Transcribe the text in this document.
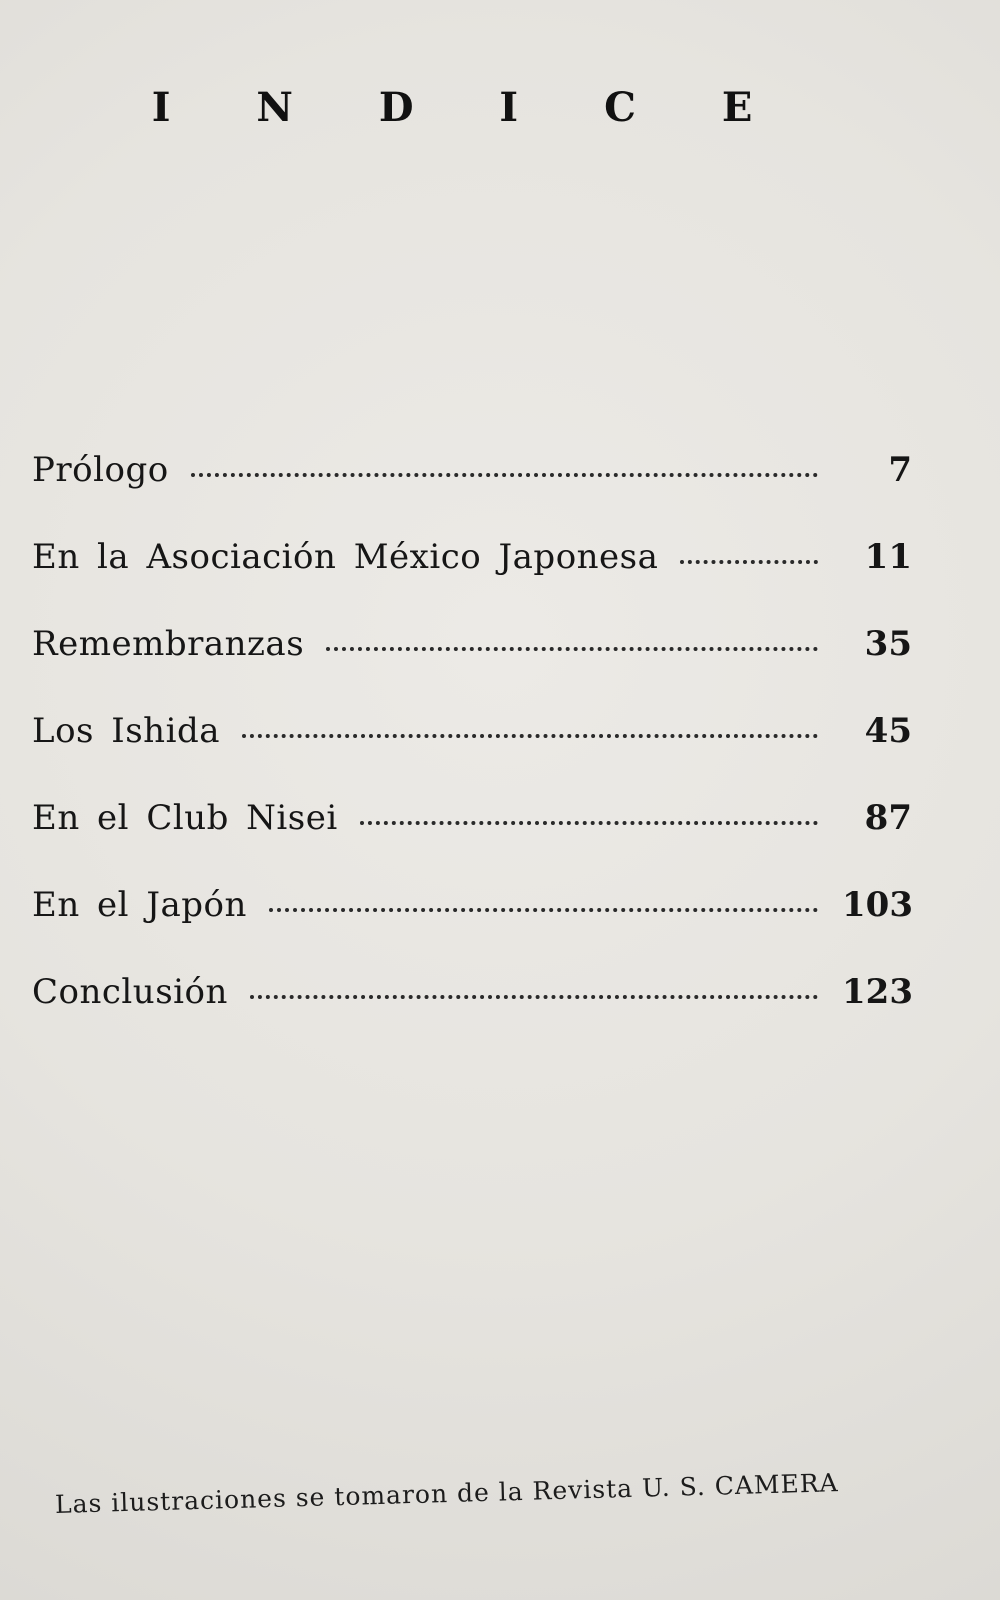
I N D I C E
Prólogo	7
En la Asociación México Japonesa	11
Remembranzas	35
Los Ishida	45
En el Club Nisei	87
En el Japón	103
Conclusión	123
Las ilustraciones se tomaron de la Revista U. S. CAMERA
